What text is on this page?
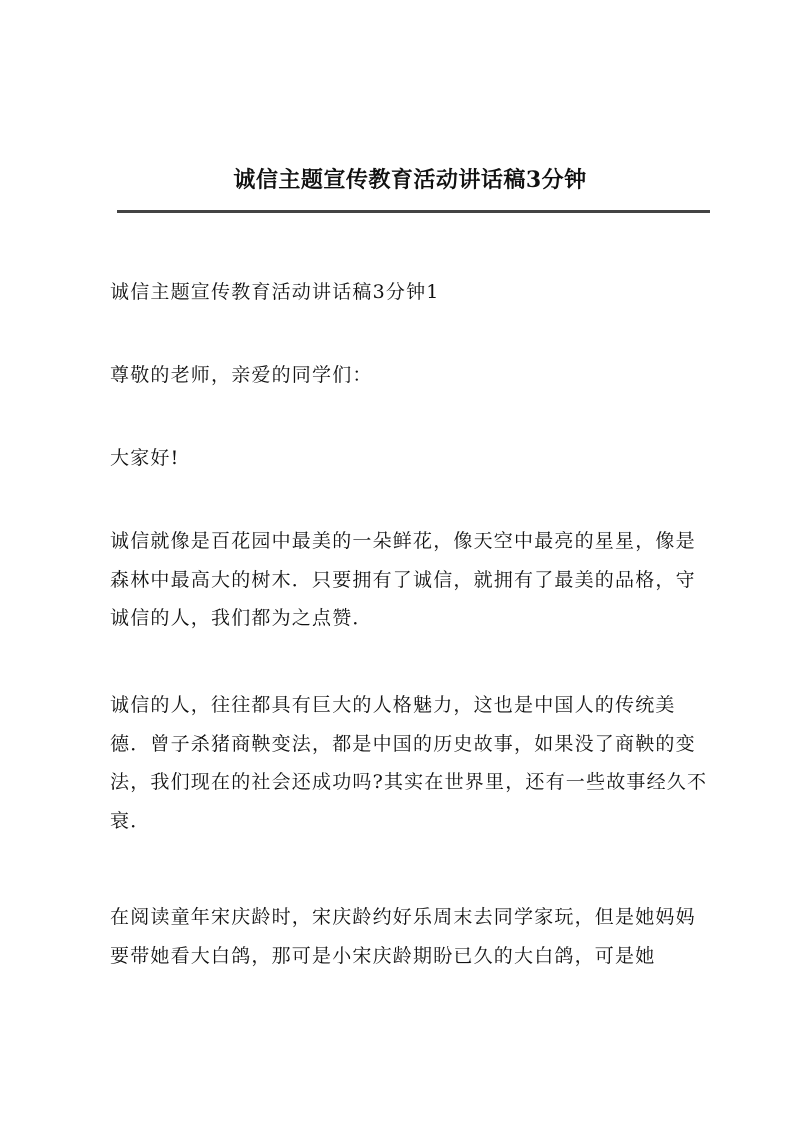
诚信主题宣传教育活动讲话稿3分钟

诚信主题宣传教育活动讲话稿3分钟1

尊敬的老师，亲爱的同学们：

大家好!

诚信就像是百花园中最美的一朵鲜花，像天空中最亮的星星，像是森林中最高大的树木．只要拥有了诚信，就拥有了最美的品格，守诚信的人，我们都为之点赞．

诚信的人，往往都具有巨大的人格魅力，这也是中国人的传统美德．曾子杀猪商鞅变法，都是中国的历史故事，如果没了商鞅的变法，我们现在的社会还成功吗?其实在世界里，还有一些故事经久不衰．

在阅读童年宋庆龄时，宋庆龄约好乐周末去同学家玩，但是她妈妈要带她看大白鸽，那可是小宋庆龄期盼已久的大白鸽，可是她
